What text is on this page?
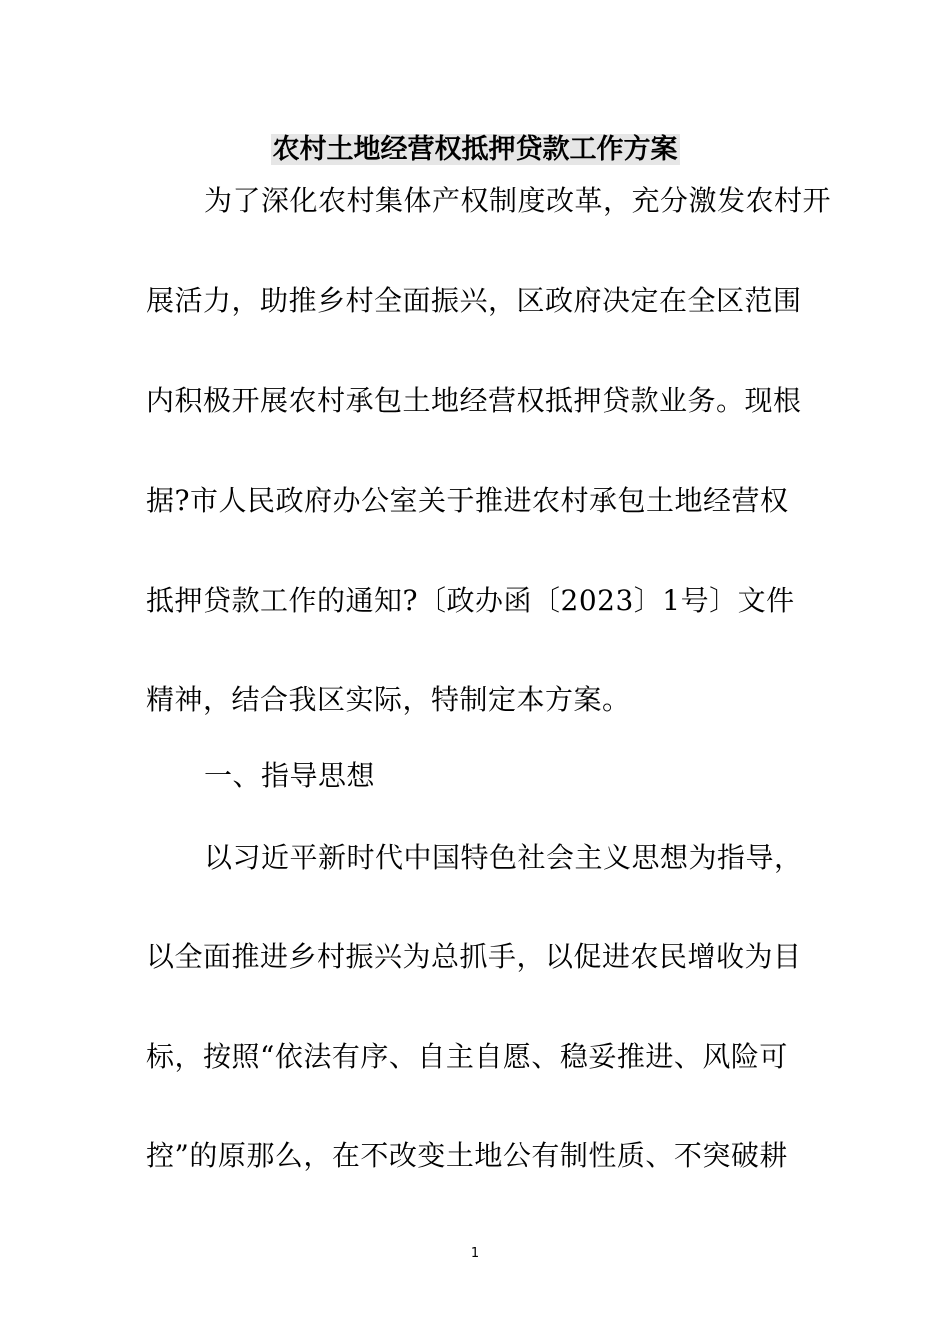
农村土地经营权抵押贷款工作方案
为了深化农村集体产权制度改革，充分激发农村开
展活力，助推乡村全面振兴，区政府决定在全区范围
内积极开展农村承包土地经营权抵押贷款业务。现根
据?市人民政府办公室关于推进农村承包土地经营权
抵押贷款工作的通知?〔政办函〔2023〕1号〕文件
精神，结合我区实际，特制定本方案。
一、指导思想
以习近平新时代中国特色社会主义思想为指导，
以全面推进乡村振兴为总抓手，以促进农民增收为目
标，按照“依法有序、自主自愿、稳妥推进、风险可
控”的原那么，在不改变土地公有制性质、不突破耕
1
